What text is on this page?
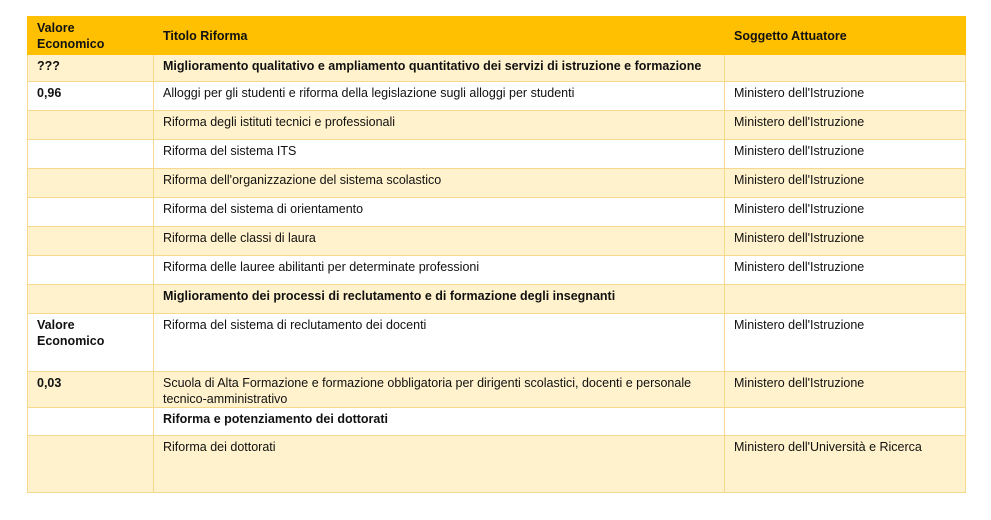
Valore Economico	Titolo Riforma	Soggetto Attuatore
???	Miglioramento qualitativo e ampliamento quantitativo dei servizi di istruzione e formazione	
0,96	Alloggi per gli studenti e riforma della legislazione sugli alloggi per studenti	Ministero dell'Istruzione
	Riforma degli istituti tecnici e professionali	Ministero dell'Istruzione
	Riforma del sistema ITS	Ministero dell'Istruzione
	Riforma dell'organizzazione del sistema scolastico	Ministero dell'Istruzione
	Riforma del sistema di orientamento	Ministero dell'Istruzione
	Riforma delle classi di laura	Ministero dell'Istruzione
	Riforma delle lauree abilitanti per determinate professioni	Ministero dell'Istruzione
	Miglioramento dei processi di reclutamento e di formazione degli insegnanti	
Valore Economico	Riforma del sistema di reclutamento dei docenti	Ministero dell'Istruzione
0,03	Scuola di Alta Formazione e formazione obbligatoria per dirigenti scolastici, docenti e personale tecnico-amministrativo	Ministero dell'Istruzione
	Riforma e potenziamento dei dottorati	
	Riforma dei dottorati	Ministero dell'Università e Ricerca
